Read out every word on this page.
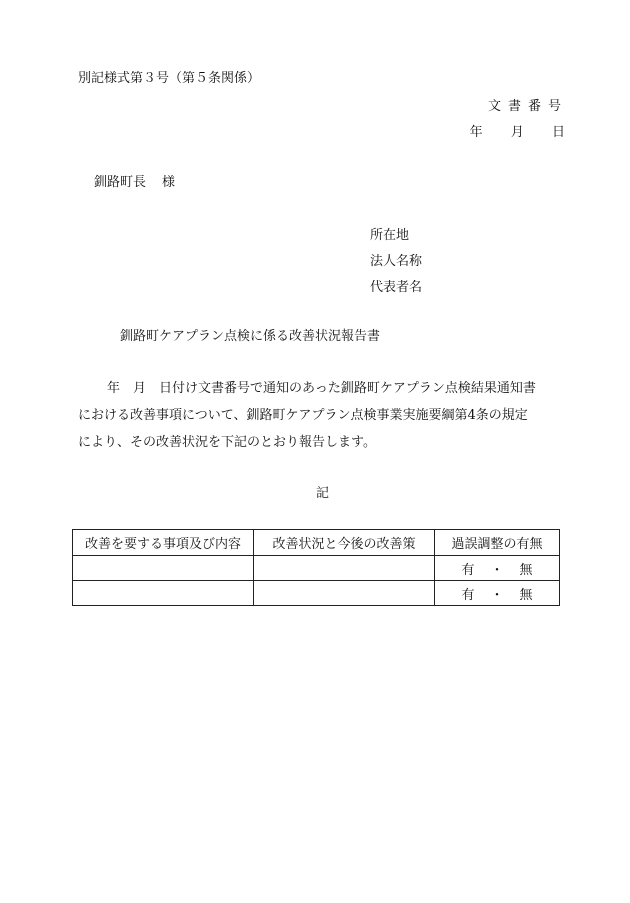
別記様式第３号（第５条関係）
文書番号
年 月 日
釧路町長 様
所在地
法人名称
代表者名
釧路町ケアプラン点検に係る改善状況報告書

年　月　日付け文書番号で通知のあった釧路町ケアプラン点検結果通知書

における改善事項について、釧路町ケアプラン点検事業実施要綱第4条の規定

により、その改善状況を下記のとおり報告します。

記
改善を要する事項及び内容	改善状況と今後の改善策	過誤調整の有無
		有 ・ 無
		有 ・ 無
